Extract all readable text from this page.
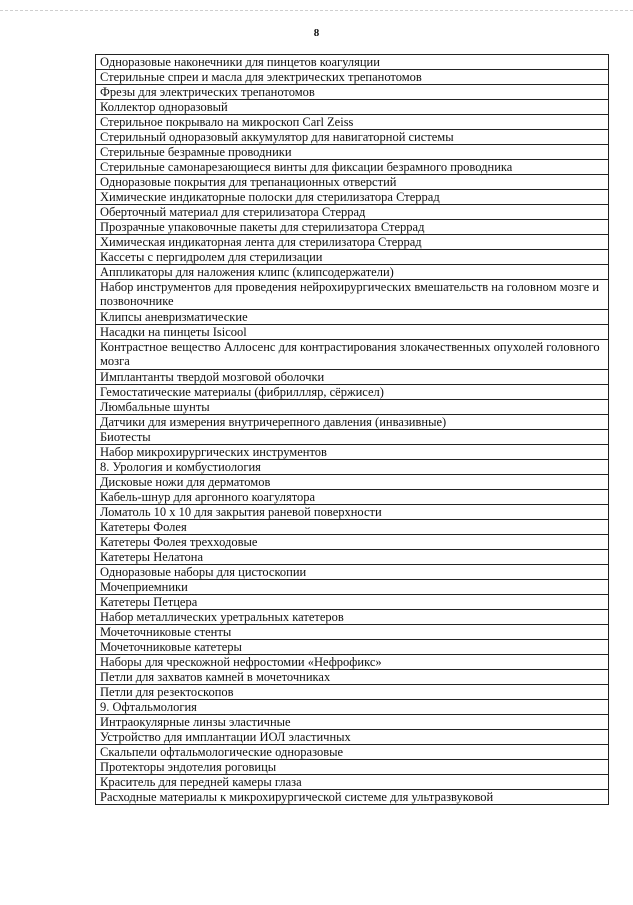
8
Одноразовые наконечники для пинцетов коагуляции
Стерильные спреи и масла для электрических трепанотомов
Фрезы для электрических трепанотомов
Коллектор одноразовый
Стерильное покрывало на микроскоп Carl Zeiss
Стерильный одноразовый аккумулятор для навигаторной системы
Стерильные безрамные проводники
Стерильные самонарезающиеся винты для фиксации безрамного проводника
Одноразовые покрытия для трепанационных отверстий
Химические индикаторные полоски для стерилизатора Стеррад
Оберточный материал для стерилизатора Стеррад
Прозрачные упаковочные пакеты для стерилизатора Стеррад
Химическая индикаторная лента для стерилизатора Стеррад
Кассеты с пергидролем для стерилизации
Аппликаторы для наложения клипс (клипсодержатели)
Набор инструментов для проведения нейрохирургических вмешательств на головном мозге и позвоночнике
Клипсы аневризматические
Насадки на пинцеты Isicool
Контрастное вещество Аллосенс для контрастирования злокачественных опухолей головного мозга
Имплантанты твердой мозговой оболочки
Гемостатические материалы (фибриллляр, сёржисел)
Люмбальные шунты
Датчики для измерения внутричерепного давления (инвазивные)
Биотесты
Набор микрохирургических инструментов
8. Урология и комбустиология
Дисковые ножи для дерматомов
Кабель-шнур для аргонного коагулятора
Ломатоль 10 х 10 для закрытия раневой поверхности
Катетеры Фолея
Катетеры Фолея трехходовые
Катетеры Нелатона
Одноразовые наборы для цистоскопии
Мочеприемники
Катетеры Петцера
Набор металлических уретральных катетеров
Мочеточниковые стенты
Мочеточниковые катетеры
Наборы для чрескожной нефростомии «Нефрофикс»
Петли для захватов камней в мочеточниках
Петли для резектоскопов
9. Офтальмология
Интраокулярные линзы эластичные
Устройство для имплантации ИОЛ эластичных
Скальпели офтальмологические одноразовые
Протекторы эндотелия роговицы
Краситель для передней камеры глаза
Расходные материалы к микрохирургической системе для ультразвуковой
